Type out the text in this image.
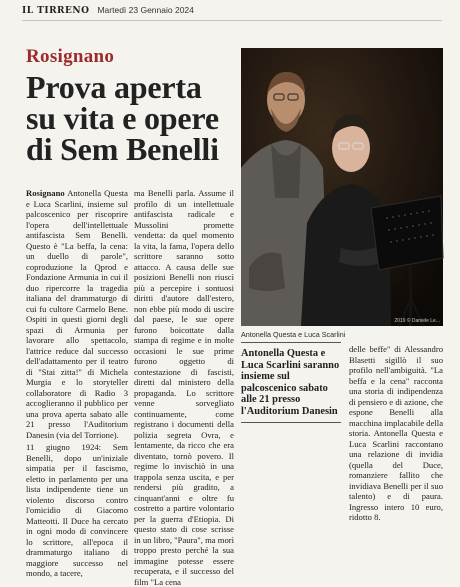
IL TIRRENO Martedì 23 Gennaio 2024
Rosignano
Prova aperta su vita e opere di Sem Benelli
2019 © Daniele Le...
Antonella Questa e Luca Scarlini

Rosignano Antonella Questa e Luca Scarlini, insieme sul palcoscenico per riscoprire l'opera dell'intellettuale antifascista Sem Benelli. Questo è "La beffa, la cena: un duello di parole", coproduzione la Qprod e Fondazione Armunia in cui il duo ripercorre la tragedia italiana del drammaturgo di cui fu cultore Carmelo Bene. Ospiti in questi giorni degli spazi di Armunia per lavorare allo spettacolo, l'attrice reduce dal successo dell'adattamento per il teatro di "Stai zitta!" di Michela Murgia e lo storyteller collaboratore di Radio 3 accoglieranno il pubblico per una prova aperta sabato alle 21 presso l'Auditorium Danesin (via del Torrione).

11 giugno 1924: Sem Benelli, dopo un'iniziale simpatia per il fascismo, eletto in parlamento per una lista indipendente tiene un violento discorso contro l'omicidio di Giacomo Matteotti. Il Duce ha cercato in ogni modo di convincere lo scrittore, all'epoca il drammaturgo italiano di maggiore successo nel mondo, a tacere,

ma Benelli parla. Assume il profilo di un intellettuale antifascista radicale e Mussolini promette vendetta: da quel momento la vita, la fama, l'opera dello scrittore saranno sotto attacco. A causa delle sue posizioni Benelli non riuscì più a percepire i sontuosi diritti d'autore dall'estero, non ebbe più modo di uscire dal paese, le sue opere furono boicottate dalla stampa di regime e in molte occasioni le sue prime furono oggetto di contestazione di fascisti, diretti dal ministero della propaganda. Lo scrittore venne sorvegliato continuamente, come registrano i documenti della polizia segreta Ovra, e lentamente, da ricco che era diventato, tornò povero. Il regime lo invischiò in una trappola senza uscita, e per rendersi più gradito, a cinquant'anni e oltre fu costretto a partire volontario per la guerra d'Etiopia. Di questo stato di cose scrisse in un libro, "Paura", ma morì troppo presto perché la sua immagine potesse essere recuperata, e il successo del film "La cena

Antonella Questa e Luca Scarlini saranno insieme sul palcoscenico sabato alle 21 presso l'Auditorium Danesin

delle beffe" di Alessandro Blasetti sigillò il suo profilo nell'ambiguità. "La beffa e la cena" racconta una storia di indipendenza di pensiero e di azione, che espone Benelli alla macchina implacabile della storia. Antonella Questa e Luca Scarlini raccontano una relazione di invidia (quella del Duce, romanziere fallito che invidiava Benelli per il suo talento) e di paura. Ingresso intero 10 euro, ridotto 8.
